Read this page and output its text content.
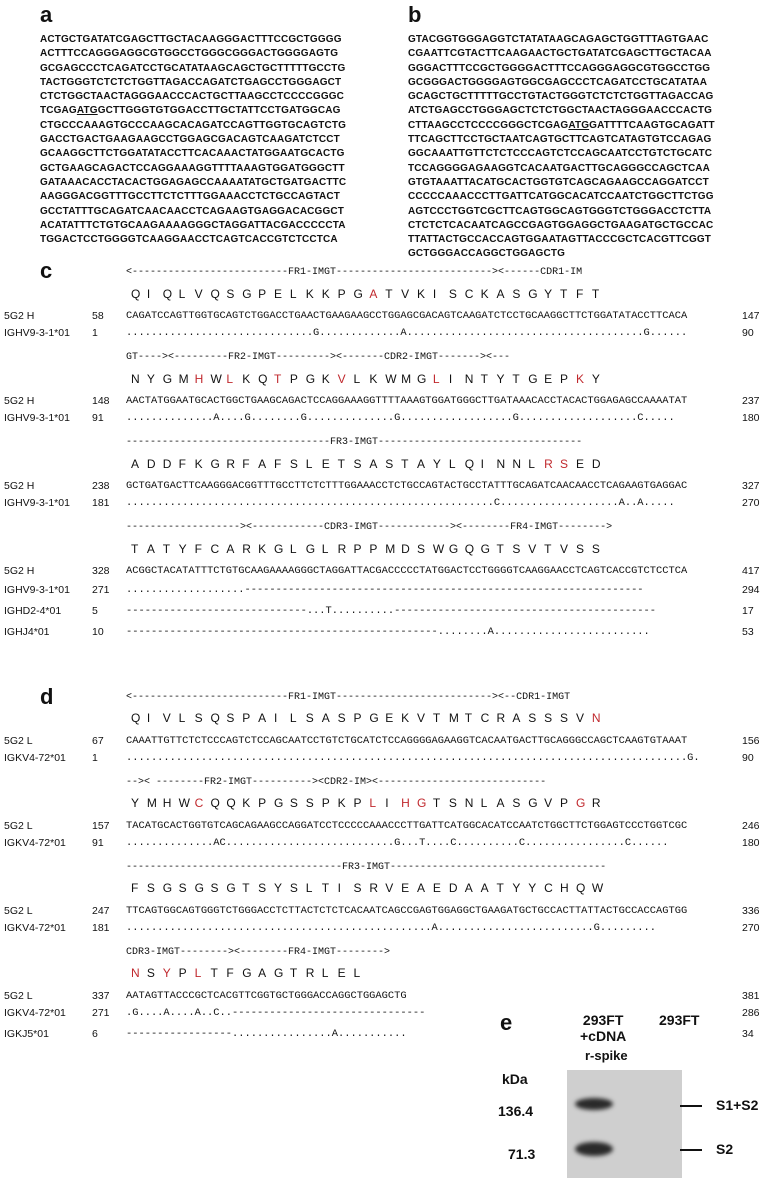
a	b
c
d
e
ACTGCTGATATCGAGCTTGCTACAAGGGACTTTCCGCTGGGG
ACTTTCCAGGGAGGCGTGGCCTGGGCGGGACTGGGGAGTG
GCGAGCCCTCAGATCCTGCATATAAGCAGCTGCTTTTTGCCTG
TACTGGGTCTCTCTGGTTAGACCAGATCTGAGCCTGGGAGCT
CTCTGGCTAACTAGGGAACCCACTGCTTAAGCCTCCCCGGGC
TCGAGATGGCTTGGGTGTGGACCTTGCTATTCCTGATGGCAG
CTGCCCAAAGTGCCCAAGCACAGATCCAGTTGGTGCAGTCTG
GACCTGACTGAAGAAGCCTGGAGCGACAGTCAAGATCTCCT
GCAAGGCTTCTGGATATACCTTCACAAACTATGGAATGCACTG
GCTGAAGCAGACTCCAGGAAAGGTTTTAAAGTGGATGGGCTT
GATAAACACCTACACTGGAGAGCCAAAATATGCTGATGACTTC
AAGGGACGGTTTGCCTTCTCTTTGGAAACCTCTGCCAGTACT
GCCTATTTGCAGATCAACAACCTCAGAAGTGAGGACACGGCT
ACATATTTCTGTGCAAGAAAAGGGCTAGGATTACGACCCCCTA
TGGACTCCTGGGGTCAAGGAACCTCAGTCACCGTCTCCTCA
GTACGGTGGGAGGTCTATATAAGCAGAGCTGGTTTAGTGAAC
CGAATTCGTACTTCAAGAACTGCTGATATCGAGCTTGCTACAA
GGGACTTTCCGCTGGGGACTTTCCAGGGAGGCGTGGCCTGG
GCGGGACTGGGGAGTGGCGAGCCCTCAGATCCTGCATATAA
GCAGCTGCTTTTTGCCTGTACTGGGTCTCTCTGGTTAGACCAG
ATCTGAGCCTGGGAGCTCTCTGGCTAACTAGGGAACCCACTG
CTTAAGCCTCCCCGGGCTCGAGATGGATTTTCAAGTGCAGATT
TTCAGCTTCCTGCTAATCAGTGCTTCAGTCATAGTGTCCAGAG
GGCAAATTGTTCTCTCCCAGTCTCCAGCAATCCTGTCTGCATC
TCCAGGGGAGAAGGTCACAATGACTTGCAGGGCCAGCTCAA
GTGTAAATTACATGCACTGGTGTCAGCAGAAGCCAGGATCCT
CCCCCAAACCCTTGATTCATGGCACATCCAATCTGGCTTCTGG
AGTCCCTGGTCGCTTCAGTGGCAGTGGGTCTGGGACCTCTTA
CTCTCTCACAATCAGCCGAGTGGAGGCTGAAGATGCTGCCAC
TTATTACTGCCACCAGTGGAATAGTTACCCGCTCACGTTCGGT
GCTGGGACCAGGCTGGAGCTG
<--------------------------FR1-IMGT--------------------------><------CDR1-IM
Q I Q L V Q S G P E L K K P G A T V K I S C K A S G Y T F T
5G2 H	58 CAGATCCAGTTGGTGCAGTCTGGACCTGAACTGAAGAAGCCTGGAGCGACAGTCAAGATCTCCTGCAAGGCTTCTGGATATACCTTCACA	147
IGHV9-3-1*01 1	..............................G.............A......................................G......	90
GT----><---------FR2-IMGT---------><-------CDR2-IMGT-------><---
N Y G M H W L K Q T P G K V L K W M G L I N T Y T G E P K Y
5G2 H	148 AACTATGGAATGCACTGGCTGAAGCAGACTCCAGGAAAGGTTTTAAAGTGGATGGGCTTGATAAACACCTACACTGGAGAGCCAAAATAT	237
IGHV9-3-1*01 91 ..............A....G........G..............G..................G...................C.....	180
----------------------------------FR3-IMGT----------------------------------
A D D F K G R F A F S L E T S A S T A Y L Q I N N L R S E D
5G2 H	238 GCTGATGACTTCAAGGGACGGTTTGCCTTCTCTTTGGAAACCTCTGCCAGTACTGCCTATTTGCAGATCAACAACCTCAGAAGTGAGGAC	327
IGHV9-3-1*01 181 ...........................................................C...................A..A.....	270
-------------------><------------CDR3-IMGT------------><--------FR4-IMGT-------->
T A T Y F C A R K G L G L R P P M D S W G Q G T S V T V S S
5G2 H	328 ACGGCTACATATTTCTGTGCAAGAAAAGGGCTAGGATTACGACCCCCTATGGACTCCTGGGGTCAAGGAACCTCAGTCACCGTCTCCTCA	417
IGHV9-3-1*01 271 ...................----------------------------------------------------------------	294
IGHD2-4*01	5	-----------------------------...T..........------------------------------------------	17
IGHJ4*01	10 --------------------------------------------------........A.........................	53
<--------------------------FR1-IMGT--------------------------><--CDR1-IMGT
Q I V L S Q S P A I L S A S P G E K V T M T C R A S S S V N
5G2 L	67 CAAATTGTTCTCTCCCAGTCTCCAGCAATCCTGTCTGCATCTCCAGGGGAGAAGGTCACAATGACTTGCAGGGCCAGCTCAAGTGTAAAT	156
IGKV4-72*01 1	..........................................................................................G.	90
-->< --------FR2-IMGT----------><CDR2-IM><----------------------------
Y M H W C Q Q K P G S S P K P L I H G T S N L A S G V P G R
5G2 L	157 TACATGCACTGGTGTCAGCAGAAGCCAGGATCCTCCCCCAAACCCTTGATTCATGGCACATCCAATCTGGCTTCTGGAGTCCCTGGTCGC	246
IGKV4-72*01 91 ..............AC...........................G...T....C..........C................C......	180
------------------------------------FR3-IMGT------------------------------------
F S G S G S G T S Y S L T I S R V E A E D A A T Y Y C H Q W
5G2 L	247 TTCAGTGGCAGTGGGTCTGGGACCTCTTACTCTCTCACAATCAGCCGAGTGGAGGCTGAAGATGCTGCCACTTATTACTGCCACCAGTGG	336
IGKV4-72*01 181 .................................................A.........................G.........	270
CDR3-IMGT--------><--------FR4-IMGT-------->
N S Y P L T F G A G T R L E L
5G2 L	337 AATAGTTACCCGCTCACGTTCGGTGCTGGGACCAGGCTGGAGCTG	381
IGKV4-72*01 271 .G....A....A..C..-------------------------------	286
IGKJ5*01	6	-----------------................A...........	34
293FT
+cDNA
293FT
r-spike
kDa
136.4
71.3
S1+S2
S2
